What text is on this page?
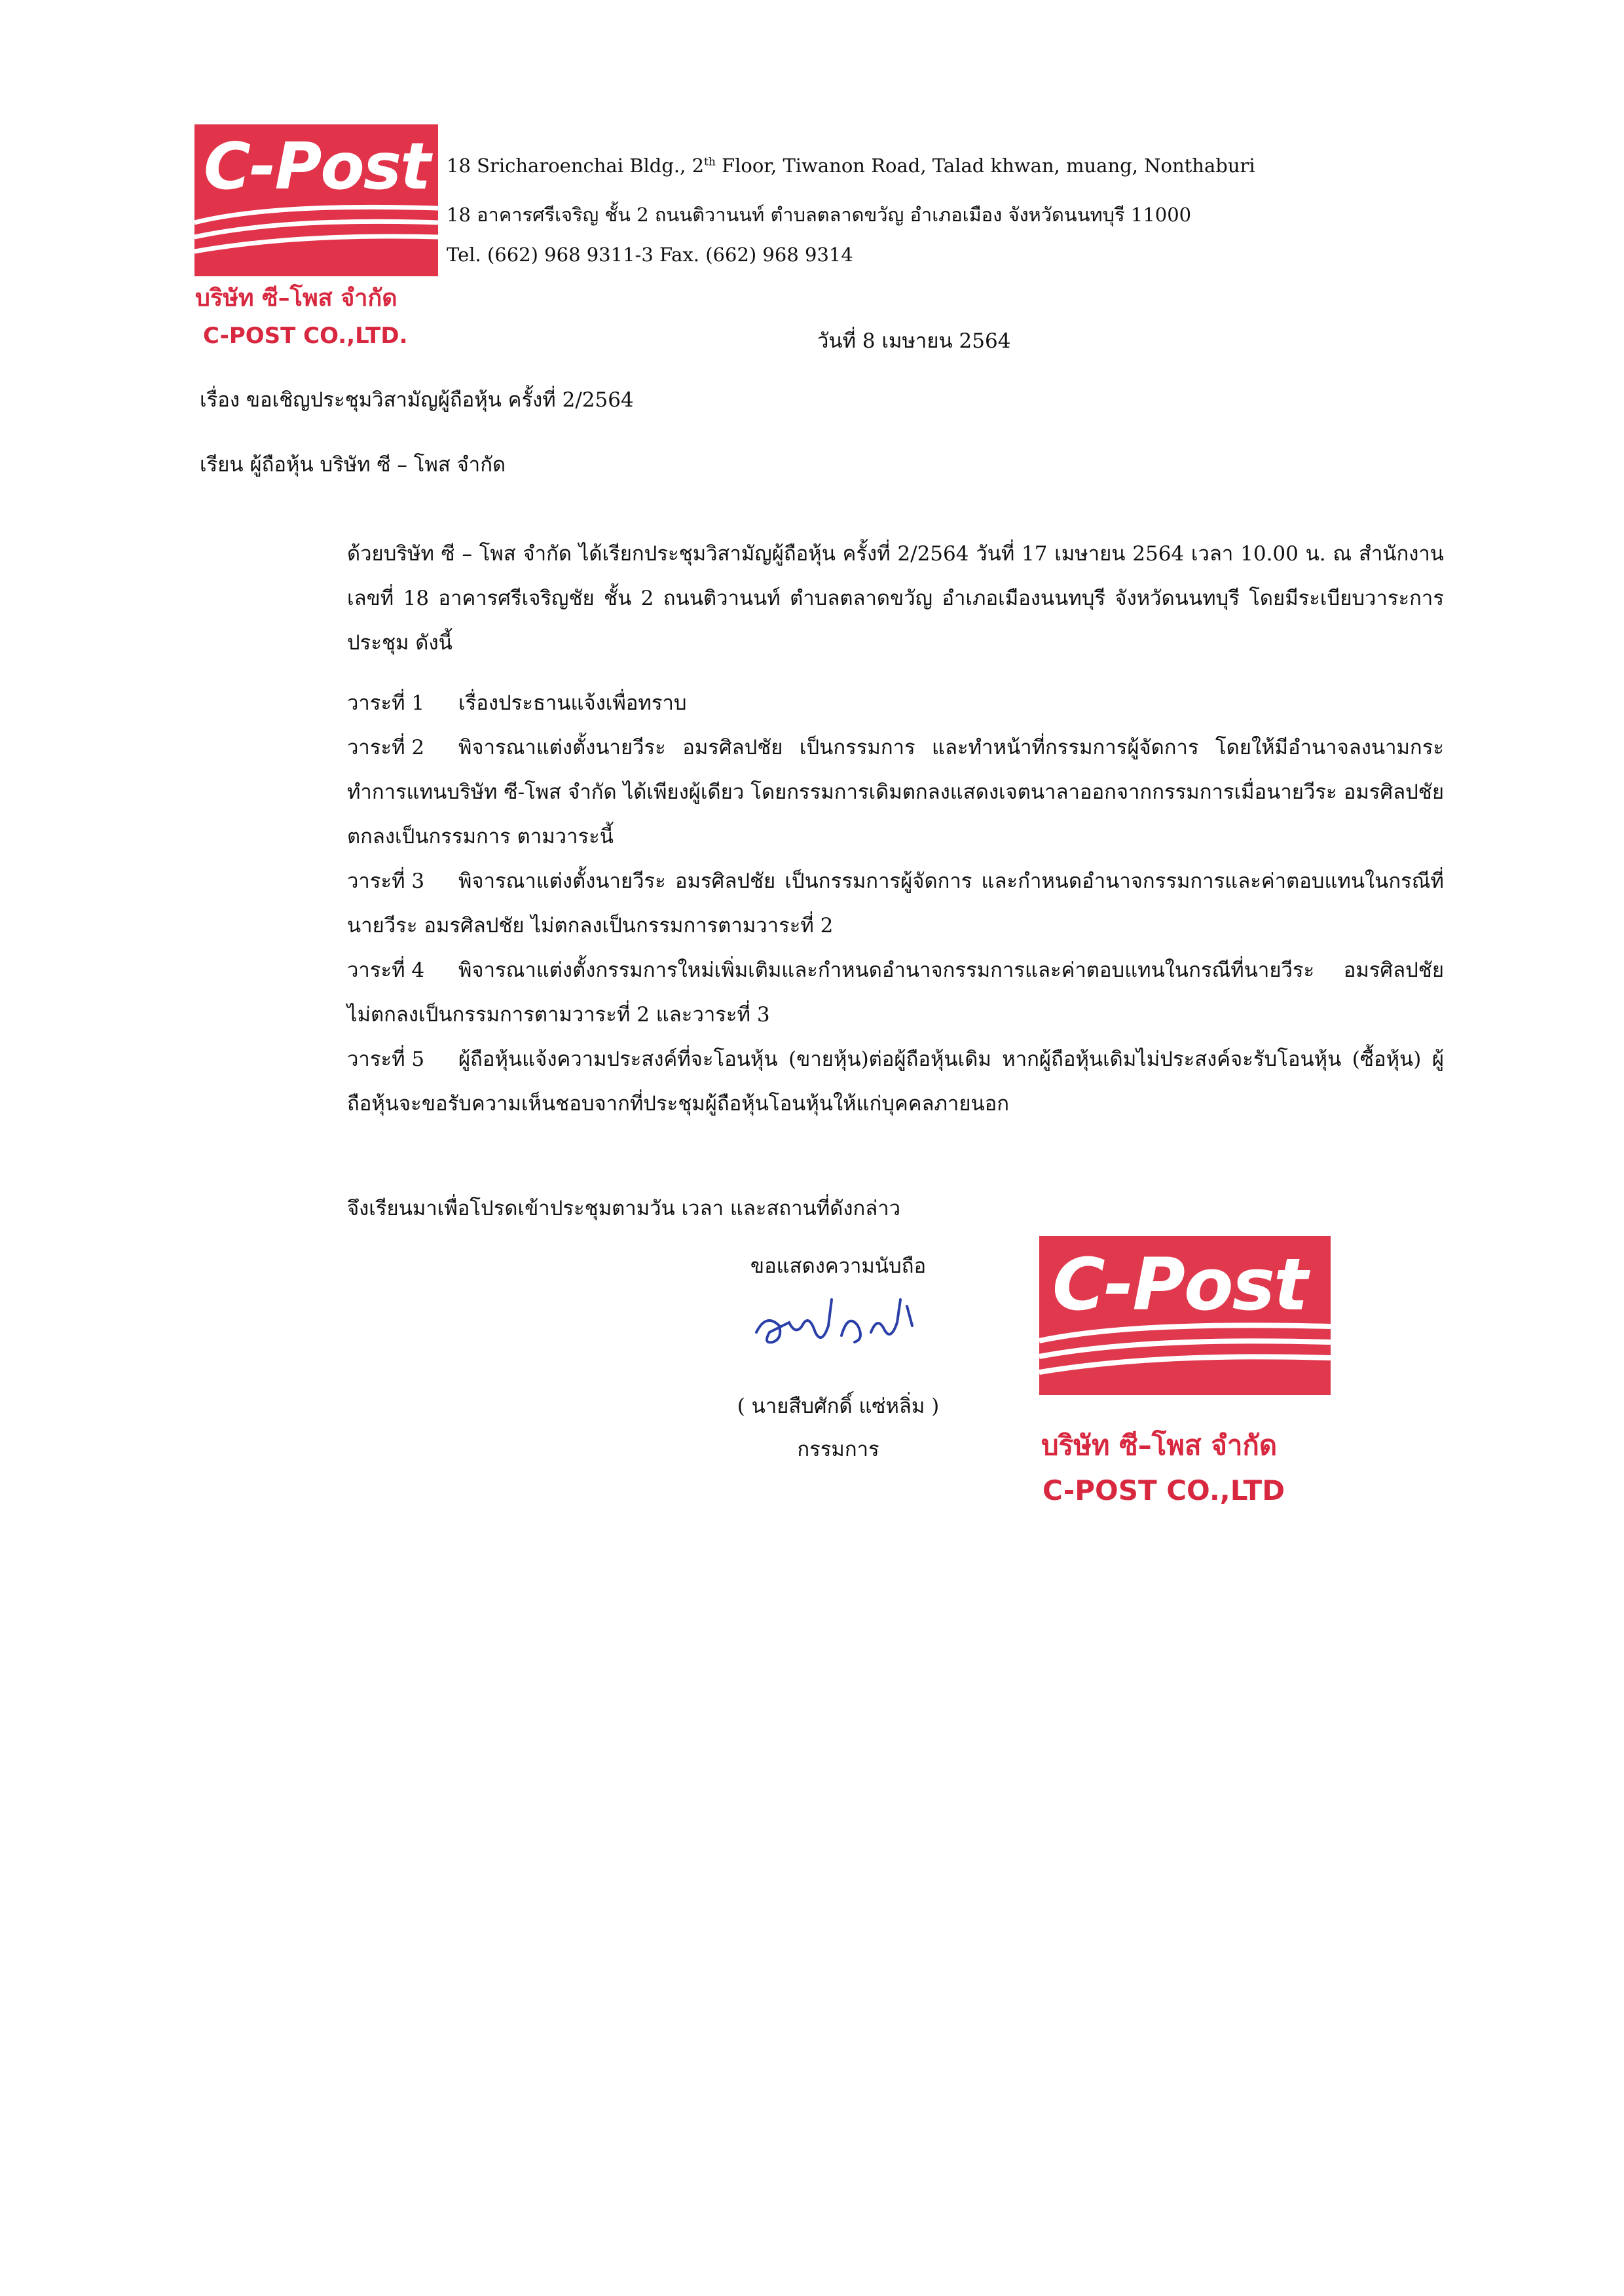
C-Post
บริษัท ซี–โพส จำกัด
C-POST CO.,LTD.
18 Sricharoenchai Bldg., 2th Floor, Tiwanon Road, Talad khwan, muang, Nonthaburi
18 อาคารศรีเจริญ ชั้น 2 ถนนติวานนท์ ตำบลตลาดขวัญ อำเภอเมือง จังหวัดนนทบุรี 11000
Tel. (662) 968 9311-3 Fax. (662) 968 9314
วันที่ 8 เมษายน 2564
เรื่อง ขอเชิญประชุมวิสามัญผู้ถือหุ้น ครั้งที่ 2/2564
เรียน ผู้ถือหุ้น บริษัท ซี – โพส จำกัด
ด้วยบริษัท ซี – โพส จำกัด ได้เรียกประชุมวิสามัญผู้ถือหุ้น ครั้งที่ 2/2564 วันที่ 17 เมษายน 2564 เวลา 10.00 น. ณ สำนักงานเลขที่ 18 อาคารศรีเจริญชัย ชั้น 2 ถนนติวานนท์ ตำบลตลาดขวัญ อำเภอเมืองนนทบุรี จังหวัดนนทบุรี โดยมีระเบียบวาระการประชุม ดังนี้
วาระที่ 1 เรื่องประธานแจ้งเพื่อทราบ
วาระที่ 2 พิจารณาแต่งตั้งนายวีระ อมรศิลปชัย เป็นกรรมการ และทำหน้าที่กรรมการผู้จัดการ โดยให้มีอำนาจลงนามกระทำการแทนบริษัท ซี-โพส จำกัด ได้เพียงผู้เดียว โดยกรรมการเดิมตกลงแสดงเจตนาลาออกจากกรรมการเมื่อนายวีระ อมรศิลปชัย ตกลงเป็นกรรมการ ตามวาระนี้
วาระที่ 3 พิจารณาแต่งตั้งนายวีระ อมรศิลปชัย เป็นกรรมการผู้จัดการ และกำหนดอำนาจกรรมการและค่าตอบแทนในกรณีที่นายวีระ อมรศิลปชัย ไม่ตกลงเป็นกรรมการตามวาระที่ 2
วาระที่ 4 พิจารณาแต่งตั้งกรรมการใหม่เพิ่มเติมและกำหนดอำนาจกรรมการและค่าตอบแทนในกรณีที่นายวีระ อมรศิลปชัย ไม่ตกลงเป็นกรรมการตามวาระที่ 2 และวาระที่ 3
วาระที่ 5 ผู้ถือหุ้นแจ้งความประสงค์ที่จะโอนหุ้น (ขายหุ้น)ต่อผู้ถือหุ้นเดิม หากผู้ถือหุ้นเดิมไม่ประสงค์จะรับโอนหุ้น (ซื้อหุ้น) ผู้ถือหุ้นจะขอรับความเห็นชอบจากที่ประชุมผู้ถือหุ้นโอนหุ้นให้แก่บุคคลภายนอก
จึงเรียนมาเพื่อโปรดเข้าประชุมตามวัน เวลา และสถานที่ดังกล่าว
ขอแสดงความนับถือ
( นายสืบศักดิ์ แซ่หลิ่ม )
กรรมการ
C-Post
บริษัท ซี–โพส จำกัด
C-POST CO.,LTD
